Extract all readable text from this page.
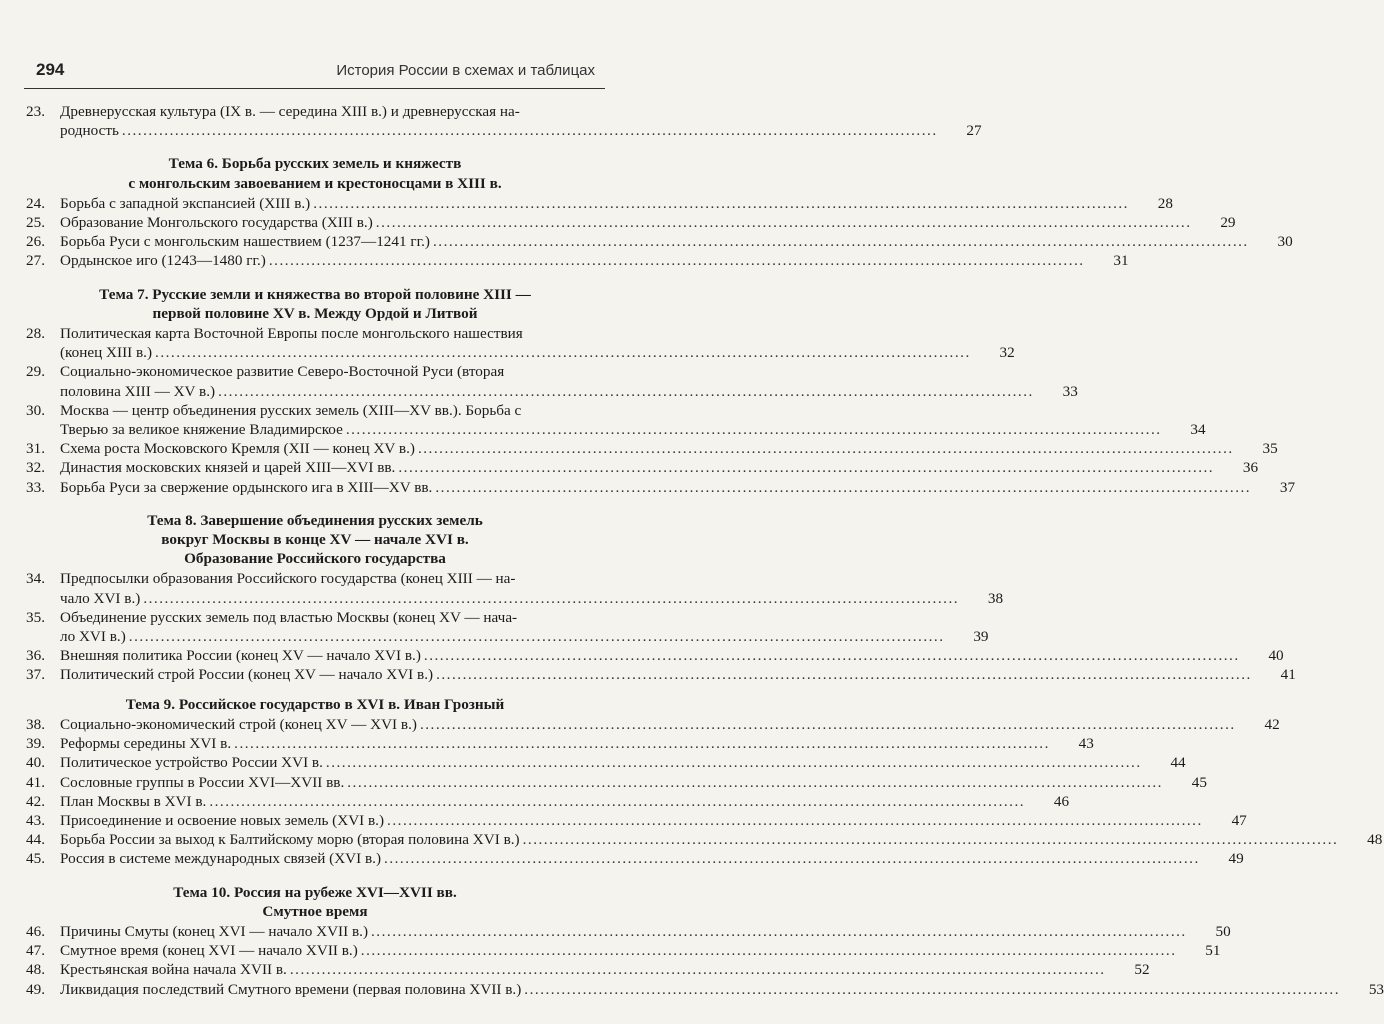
294	История России в схемах и таблицах
23. Древнерусская культура (IX в. — середина XIII в.) и древнерусская на-
родность .....	27
Тема 6. Борьба русских земель и княжеств
с монгольским завоеванием и крестоносцами в XIII в.
24. Борьба с западной экспансией (XIII в.) .....	28
25. Образование Монгольского государства (XIII в.) .....	29
26. Борьба Руси с монгольским нашествием (1237—1241 гг.) .....	30
27. Ордынское иго (1243—1480 гг.) .....	31
Тема 7. Русские земли и княжества во второй половине XIII —
первой половине XV в. Между Ордой и Литвой
28. Политическая карта Восточной Европы после монгольского нашествия
(конец XIII в.) .....	32
29. Социально-экономическое развитие Северо-Восточной Руси (вторая
половина XIII — XV в.) .....	33
30. Москва — центр объединения русских земель (XIII—XV вв.). Борьба с
Тверью за великое княжение Владимирское .....	34
31. Схема роста Московского Кремля (XII — конец XV в.) .....	35
32. Династия московских князей и царей XIII—XVI вв. .....	36
33. Борьба Руси за свержение ордынского ига в XIII—XV вв. .....	37
Тема 8. Завершение объединения русских земель
вокруг Москвы в конце XV — начале XVI в.
Образование Российского государства
34. Предпосылки образования Российского государства (конец XIII — на-
чало XVI в.) .....	38
35. Объединение русских земель под властью Москвы (конец XV — нача-
ло XVI в.) .....	39
36. Внешняя политика России (конец XV — начало XVI в.) .....	40
37. Политический строй России (конец XV — начало XVI в.) .....	41
Тема 9. Российское государство в XVI в. Иван Грозный
38. Социально-экономический строй (конец XV — XVI в.) .....	42
39. Реформы середины XVI в. .....	43
40. Политическое устройство России XVI в. .....	44
41. Сословные группы в России XVI—XVII вв. .....	45
42. План Москвы в XVI в. .....	46
43. Присоединение и освоение новых земель (XVI в.) .....	47
44. Борьба России за выход к Балтийскому морю (вторая половина XVI в.) .....	48
45. Россия в системе международных связей (XVI в.) .....	49
Тема 10. Россия на рубеже XVI—XVII вв.
Смутное время
46. Причины Смуты (конец XVI — начало XVII в.) .....	50
47. Смутное время (конец XVI — начало XVII в.) .....	51
48. Крестьянская война начала XVII в. .....	52
49. Ликвидация последствий Смутного времени (первая половина XVII в.) .....	53
